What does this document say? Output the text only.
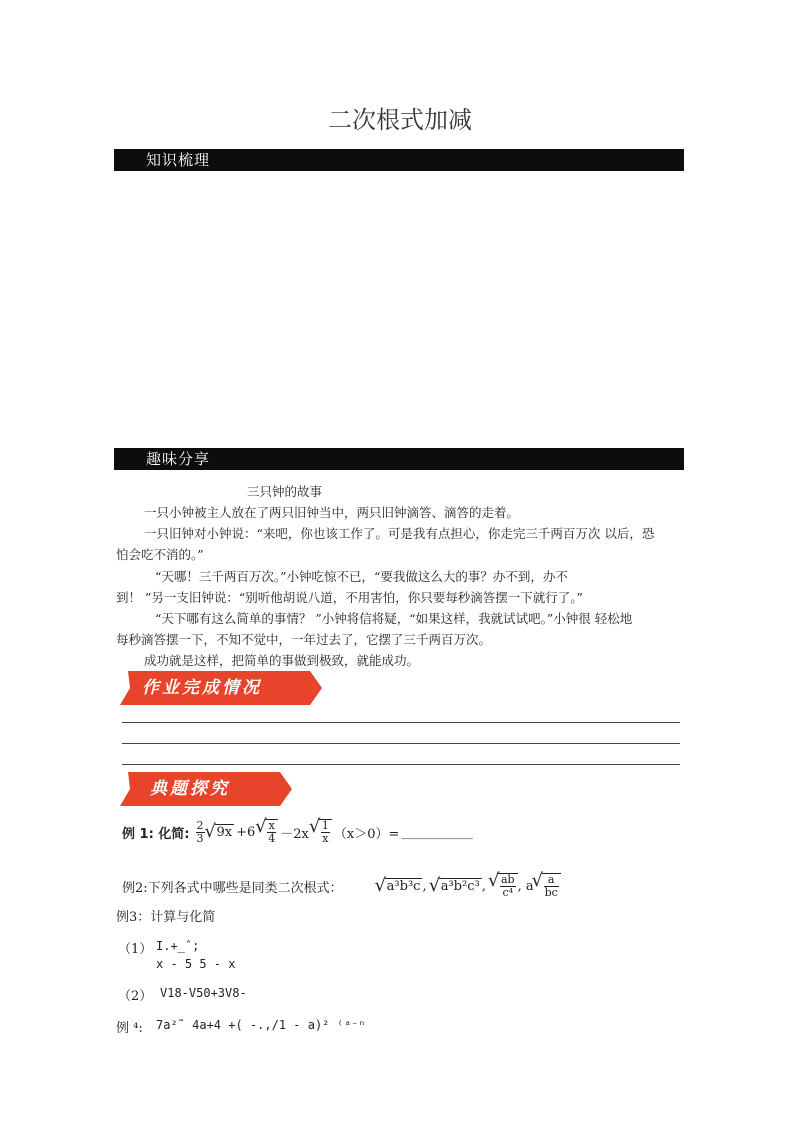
二次根式加减
知识梳理
趣味分享
三只钟的故事
一只小钟被主人放在了两只旧钟当中，两只旧钟滴答、滴答的走着。
一只旧钟对小钟说：“来吧，你也该工作了。可是我有点担心，你走完三千两百万次 以后，恐
怕会吃不消的。”
“天哪！三千两百万次。”小钟吃惊不已，“要我做这么大的事？办不到，办不
到！ ”另一支旧钟说：“别听他胡说八道，不用害怕，你只要每秒滴答摆一下就行了。”
“天下哪有这么简单的事情？ ”小钟将信将疑，“如果这样，我就试试吧。”小钟很 轻松地
每秒滴答摆一下，不知不觉中，一年过去了，它摆了三千两百万次。
成功就是这样，把简单的事做到极致，就能成功。
作业完成情况
典题探究
例 1: 化简: $\frac{2}{3}$ √ 9x +6 √ $\frac{x}{4} -2x$ √ $\frac{1}{x} (x>0)=$ ___________
例2:下列各式中哪些是同类二次根式：	√ a³b³c , √ a³b²c³ , √ $\frac{ab}{\text{c⁴}}$ , a √ $\frac{a}{bc}$
例3：计算与化简
（1） I.+_ˆ;
x - 5 5 - x
（2） V18-V50+3V8-
例 ⁴: 7a²˜ 4a+4 +( -.,/1 - a)² ⁽ᵃ⁻ⁿ
